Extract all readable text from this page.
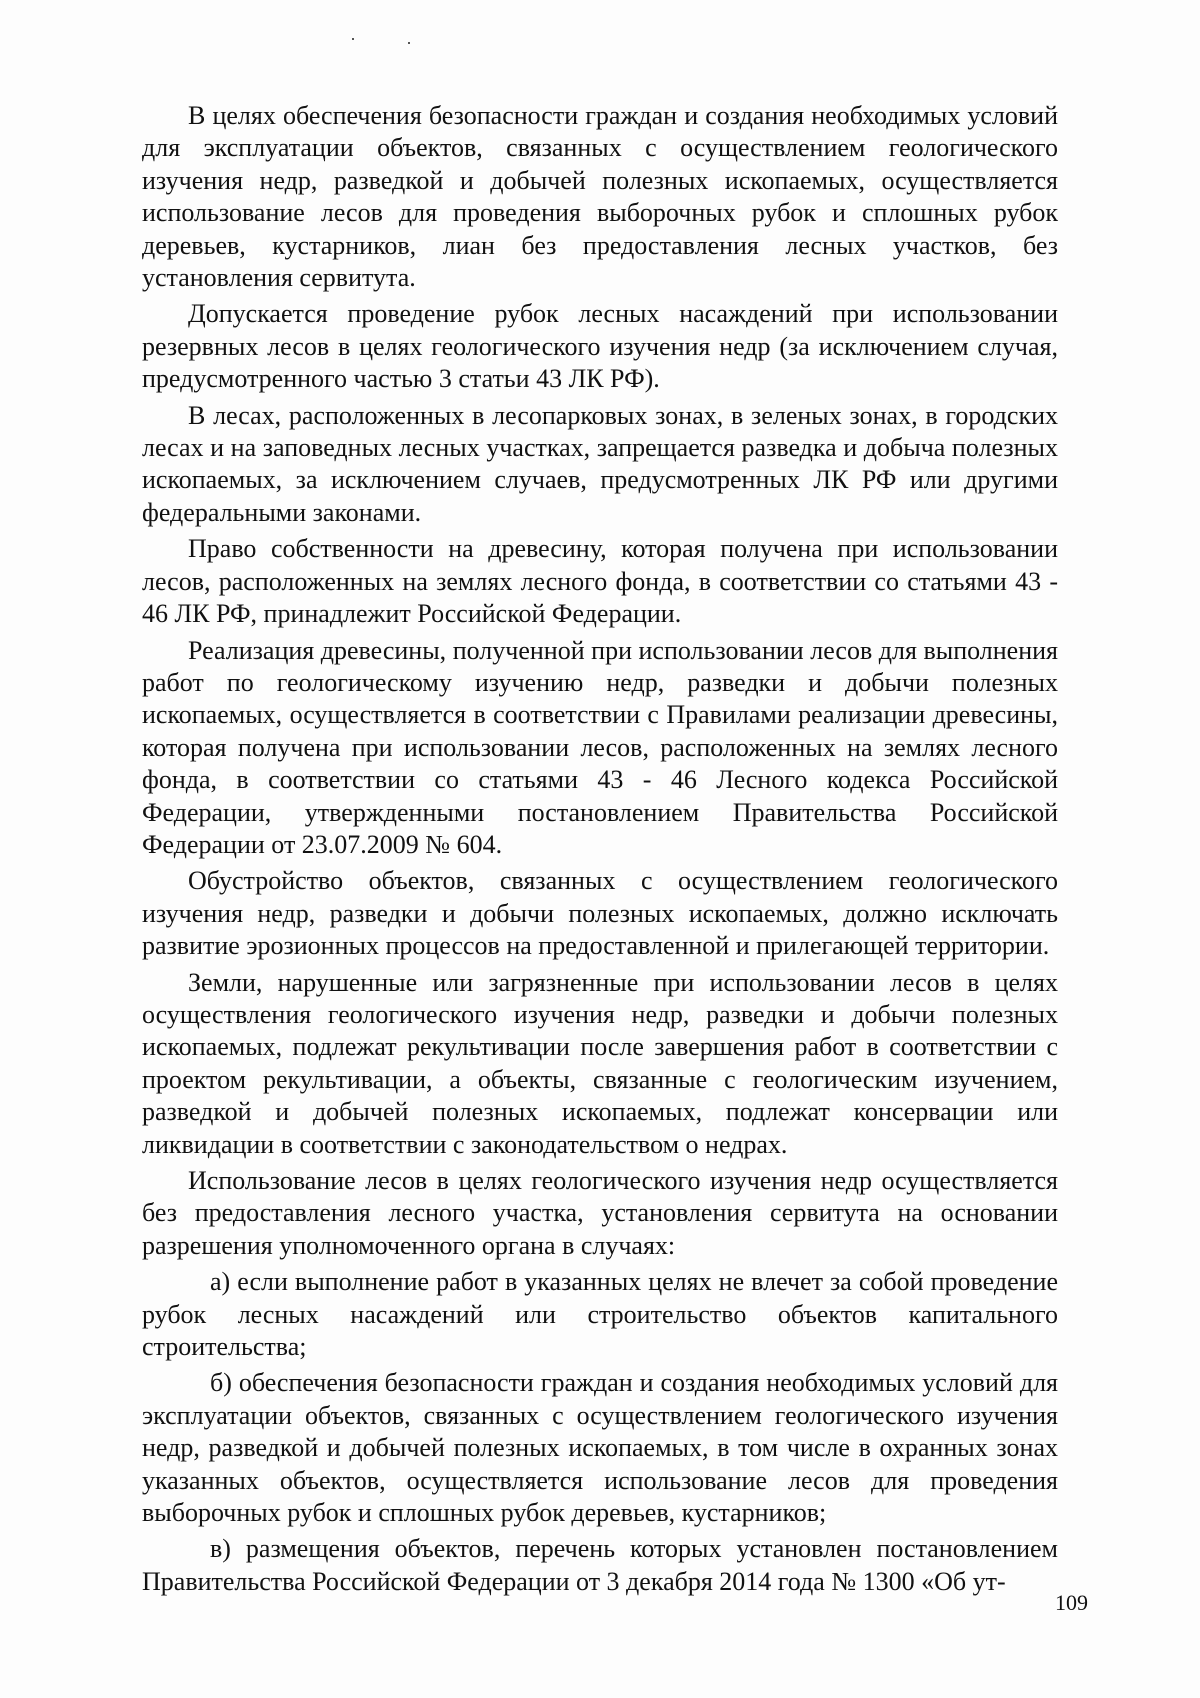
В целях обеспечения безопасности граждан и создания необходимых условий для эксплуатации объектов, связанных с осуществлением геологического изучения недр, разведкой и добычей полезных ископаемых, осуществляется использование лесов для проведения выборочных рубок и сплошных рубок деревьев, кустарников, лиан без предоставления лесных участков, без установления сервитута.

Допускается проведение рубок лесных насаждений при использовании резервных лесов в целях геологического изучения недр (за исключением случая, предусмотренного частью 3 статьи 43 ЛК РФ).

В лесах, расположенных в лесопарковых зонах, в зеленых зонах, в городских лесах и на заповедных лесных участках, запрещается разведка и добыча полезных ископаемых, за исключением случаев, предусмотренных ЛК РФ или другими федеральными законами.

Право собственности на древесину, которая получена при использовании лесов, расположенных на землях лесного фонда, в соответствии со статьями 43 - 46 ЛК РФ, принадлежит Российской Федерации.

Реализация древесины, полученной при использовании лесов для выполнения работ по геологическому изучению недр, разведки и добычи полезных ископаемых, осуществляется в соответствии с Правилами реализации древесины, которая получена при использовании лесов, расположенных на землях лесного фонда, в соответствии со статьями 43 - 46 Лесного кодекса Российской Федерации, утвержденными постановлением Правительства Российской Федерации от 23.07.2009 № 604.

Обустройство объектов, связанных с осуществлением геологического изучения недр, разведки и добычи полезных ископаемых, должно исключать развитие эрозионных процессов на предоставленной и прилегающей территории.

Земли, нарушенные или загрязненные при использовании лесов в целях осуществления геологического изучения недр, разведки и добычи полезных ископаемых, подлежат рекультивации после завершения работ в соответствии с проектом рекультивации, а объекты, связанные с геологическим изучением, разведкой и добычей полезных ископаемых, подлежат консервации или ликвидации в соответствии с законодательством о недрах.

Использование лесов в целях геологического изучения недр осуществляется без предоставления лесного участка, установления сервитута на основании разрешения уполномоченного органа в случаях:

а) если выполнение работ в указанных целях не влечет за собой проведение рубок лесных насаждений или строительство объектов капитального строительства;

б) обеспечения безопасности граждан и создания необходимых условий для эксплуатации объектов, связанных с осуществлением геологического изучения недр, разведкой и добычей полезных ископаемых, в том числе в охранных зонах указанных объектов, осуществляется использование лесов для проведения выборочных рубок и сплошных рубок деревьев, кустарников;

в) размещения объектов, перечень которых установлен постановлением Правительства Российской Федерации от 3 декабря 2014 года № 1300 «Об ут-

109
